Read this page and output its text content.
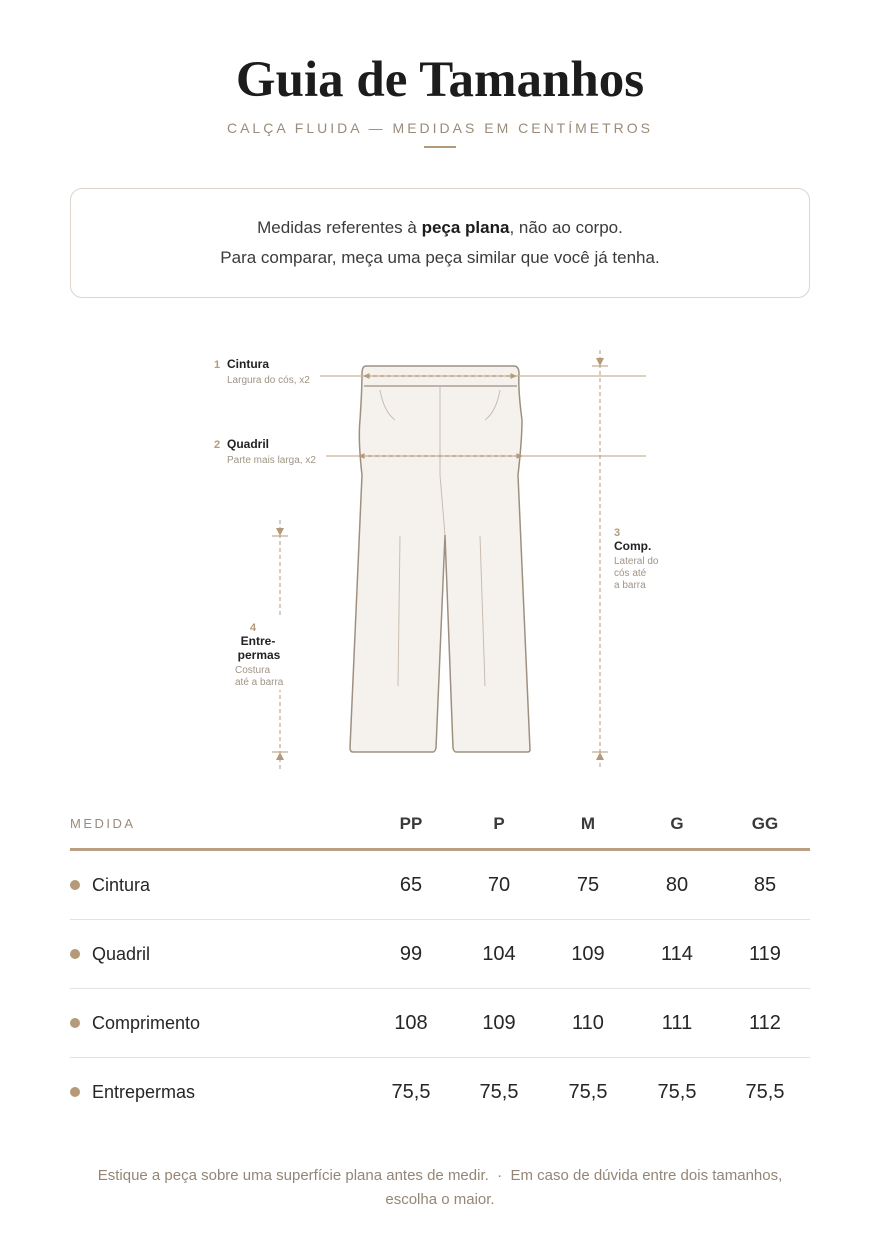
Guia de Tamanhos
CALÇA FLUIDA — MEDIDAS EM CENTÍMETROS
Medidas referentes à peça plana, não ao corpo.
Para comparar, meça uma peça similar que você já tenha.
1 Cintura
Largura do cós, x2
2 Quadril
Parte mais larga, x2
3
Comp.
Lateral do
cós até
a barra
4
Entre-
permas
Costura
até a barra
MEDIDA	PP	P	M	G	GG
Cintura	65	70	75	80	85
Quadril	99	104	109	114	119
Comprimento	108	109	110	111	112
Entrepermas	75,5	75,5	75,5	75,5	75,5
Estique a peça sobre uma superfície plana antes de medir.  ·  Em caso de dúvida entre dois tamanhos,
escolha o maior.
